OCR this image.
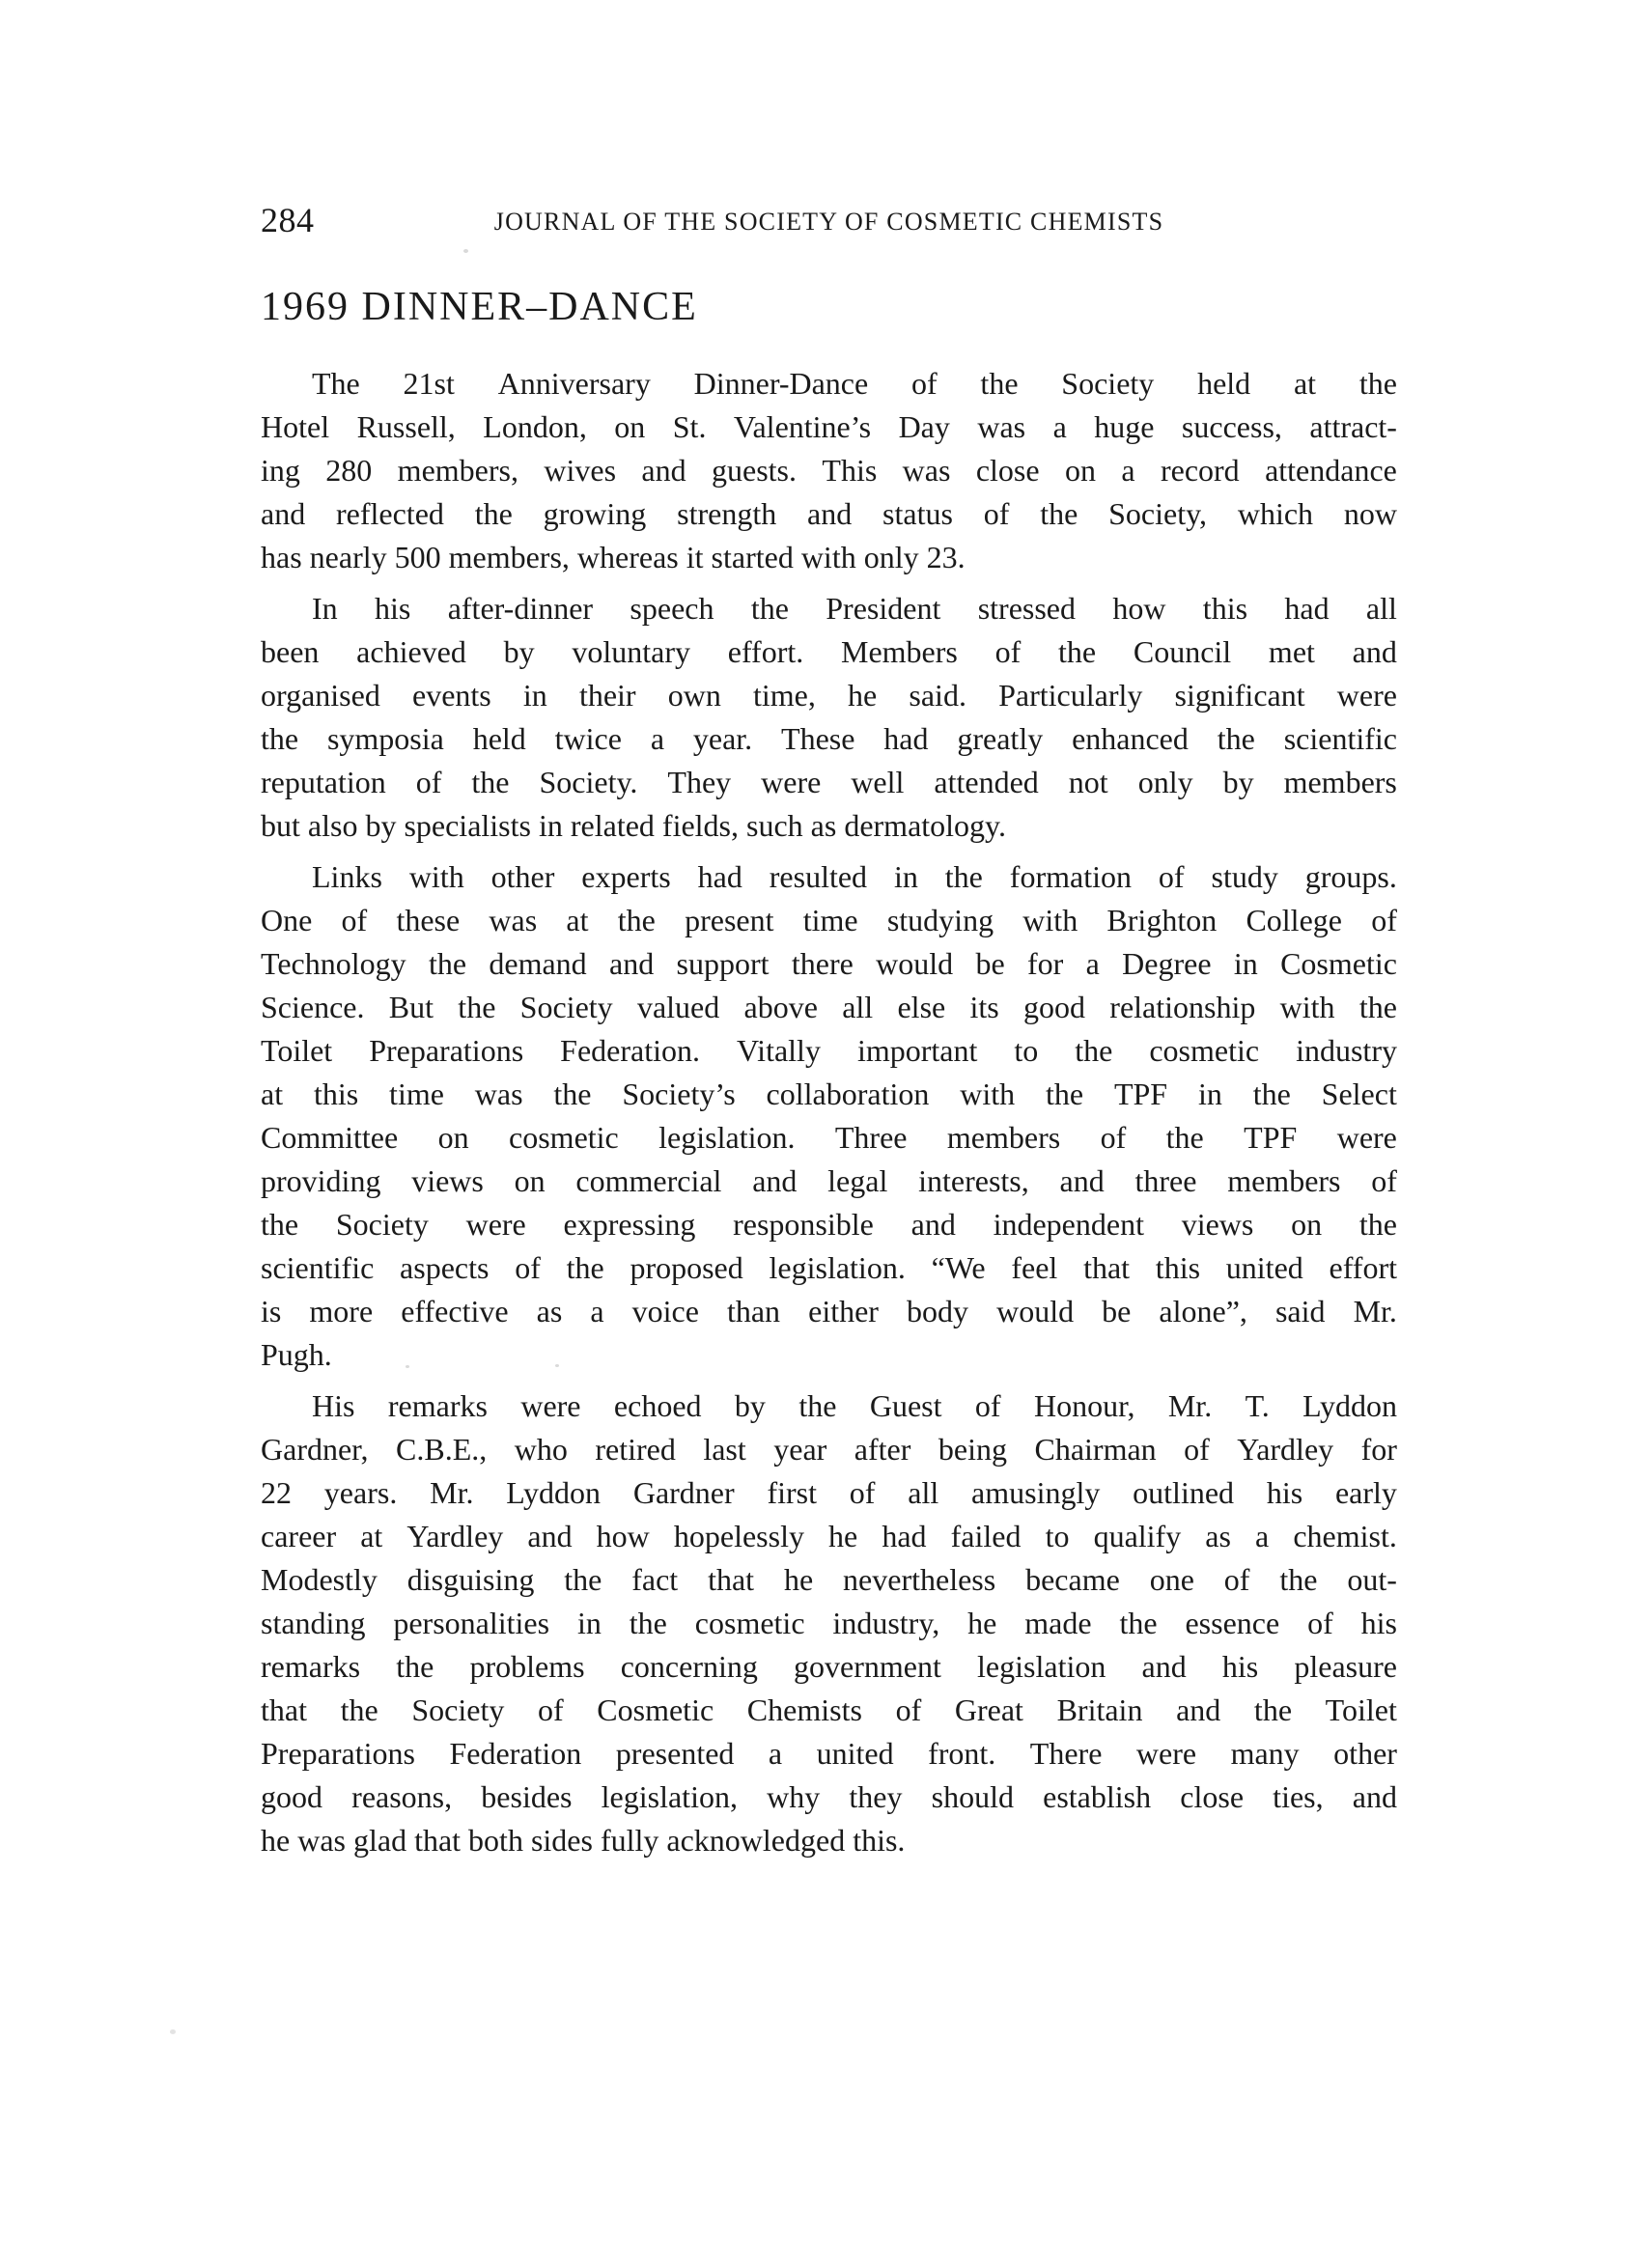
284	JOURNAL OF THE SOCIETY OF COSMETIC CHEMISTS
1969 DINNER–DANCE
The 21st Anniversary Dinner-Dance of the Society held at the
Hotel Russell, London, on St. Valentine’s Day was a huge success, attract-
ing 280 members, wives and guests. This was close on a record attendance
and reflected the growing strength and status of the Society, which now
has nearly 500 members, whereas it started with only 23.
In his after-dinner speech the President stressed how this had all
been achieved by voluntary effort. Members of the Council met and
organised events in their own time, he said. Particularly significant were
the symposia held twice a year. These had greatly enhanced the scientific
reputation of the Society. They were well attended not only by members
but also by specialists in related fields, such as dermatology.
Links with other experts had resulted in the formation of study groups.
One of these was at the present time studying with Brighton College of
Technology the demand and support there would be for a Degree in Cosmetic
Science. But the Society valued above all else its good relationship with the
Toilet Preparations Federation. Vitally important to the cosmetic industry
at this time was the Society’s collaboration with the TPF in the Select
Committee on cosmetic legislation. Three members of the TPF were
providing views on commercial and legal interests, and three members of
the Society were expressing responsible and independent views on the
scientific aspects of the proposed legislation. “We feel that this united effort
is more effective as a voice than either body would be alone”, said Mr.
Pugh.
His remarks were echoed by the Guest of Honour, Mr. T. Lyddon
Gardner, C.B.E., who retired last year after being Chairman of Yardley for
22 years. Mr. Lyddon Gardner first of all amusingly outlined his early
career at Yardley and how hopelessly he had failed to qualify as a chemist.
Modestly disguising the fact that he nevertheless became one of the out-
standing personalities in the cosmetic industry, he made the essence of his
remarks the problems concerning government legislation and his pleasure
that the Society of Cosmetic Chemists of Great Britain and the Toilet
Preparations Federation presented a united front. There were many other
good reasons, besides legislation, why they should establish close ties, and
he was glad that both sides fully acknowledged this.
